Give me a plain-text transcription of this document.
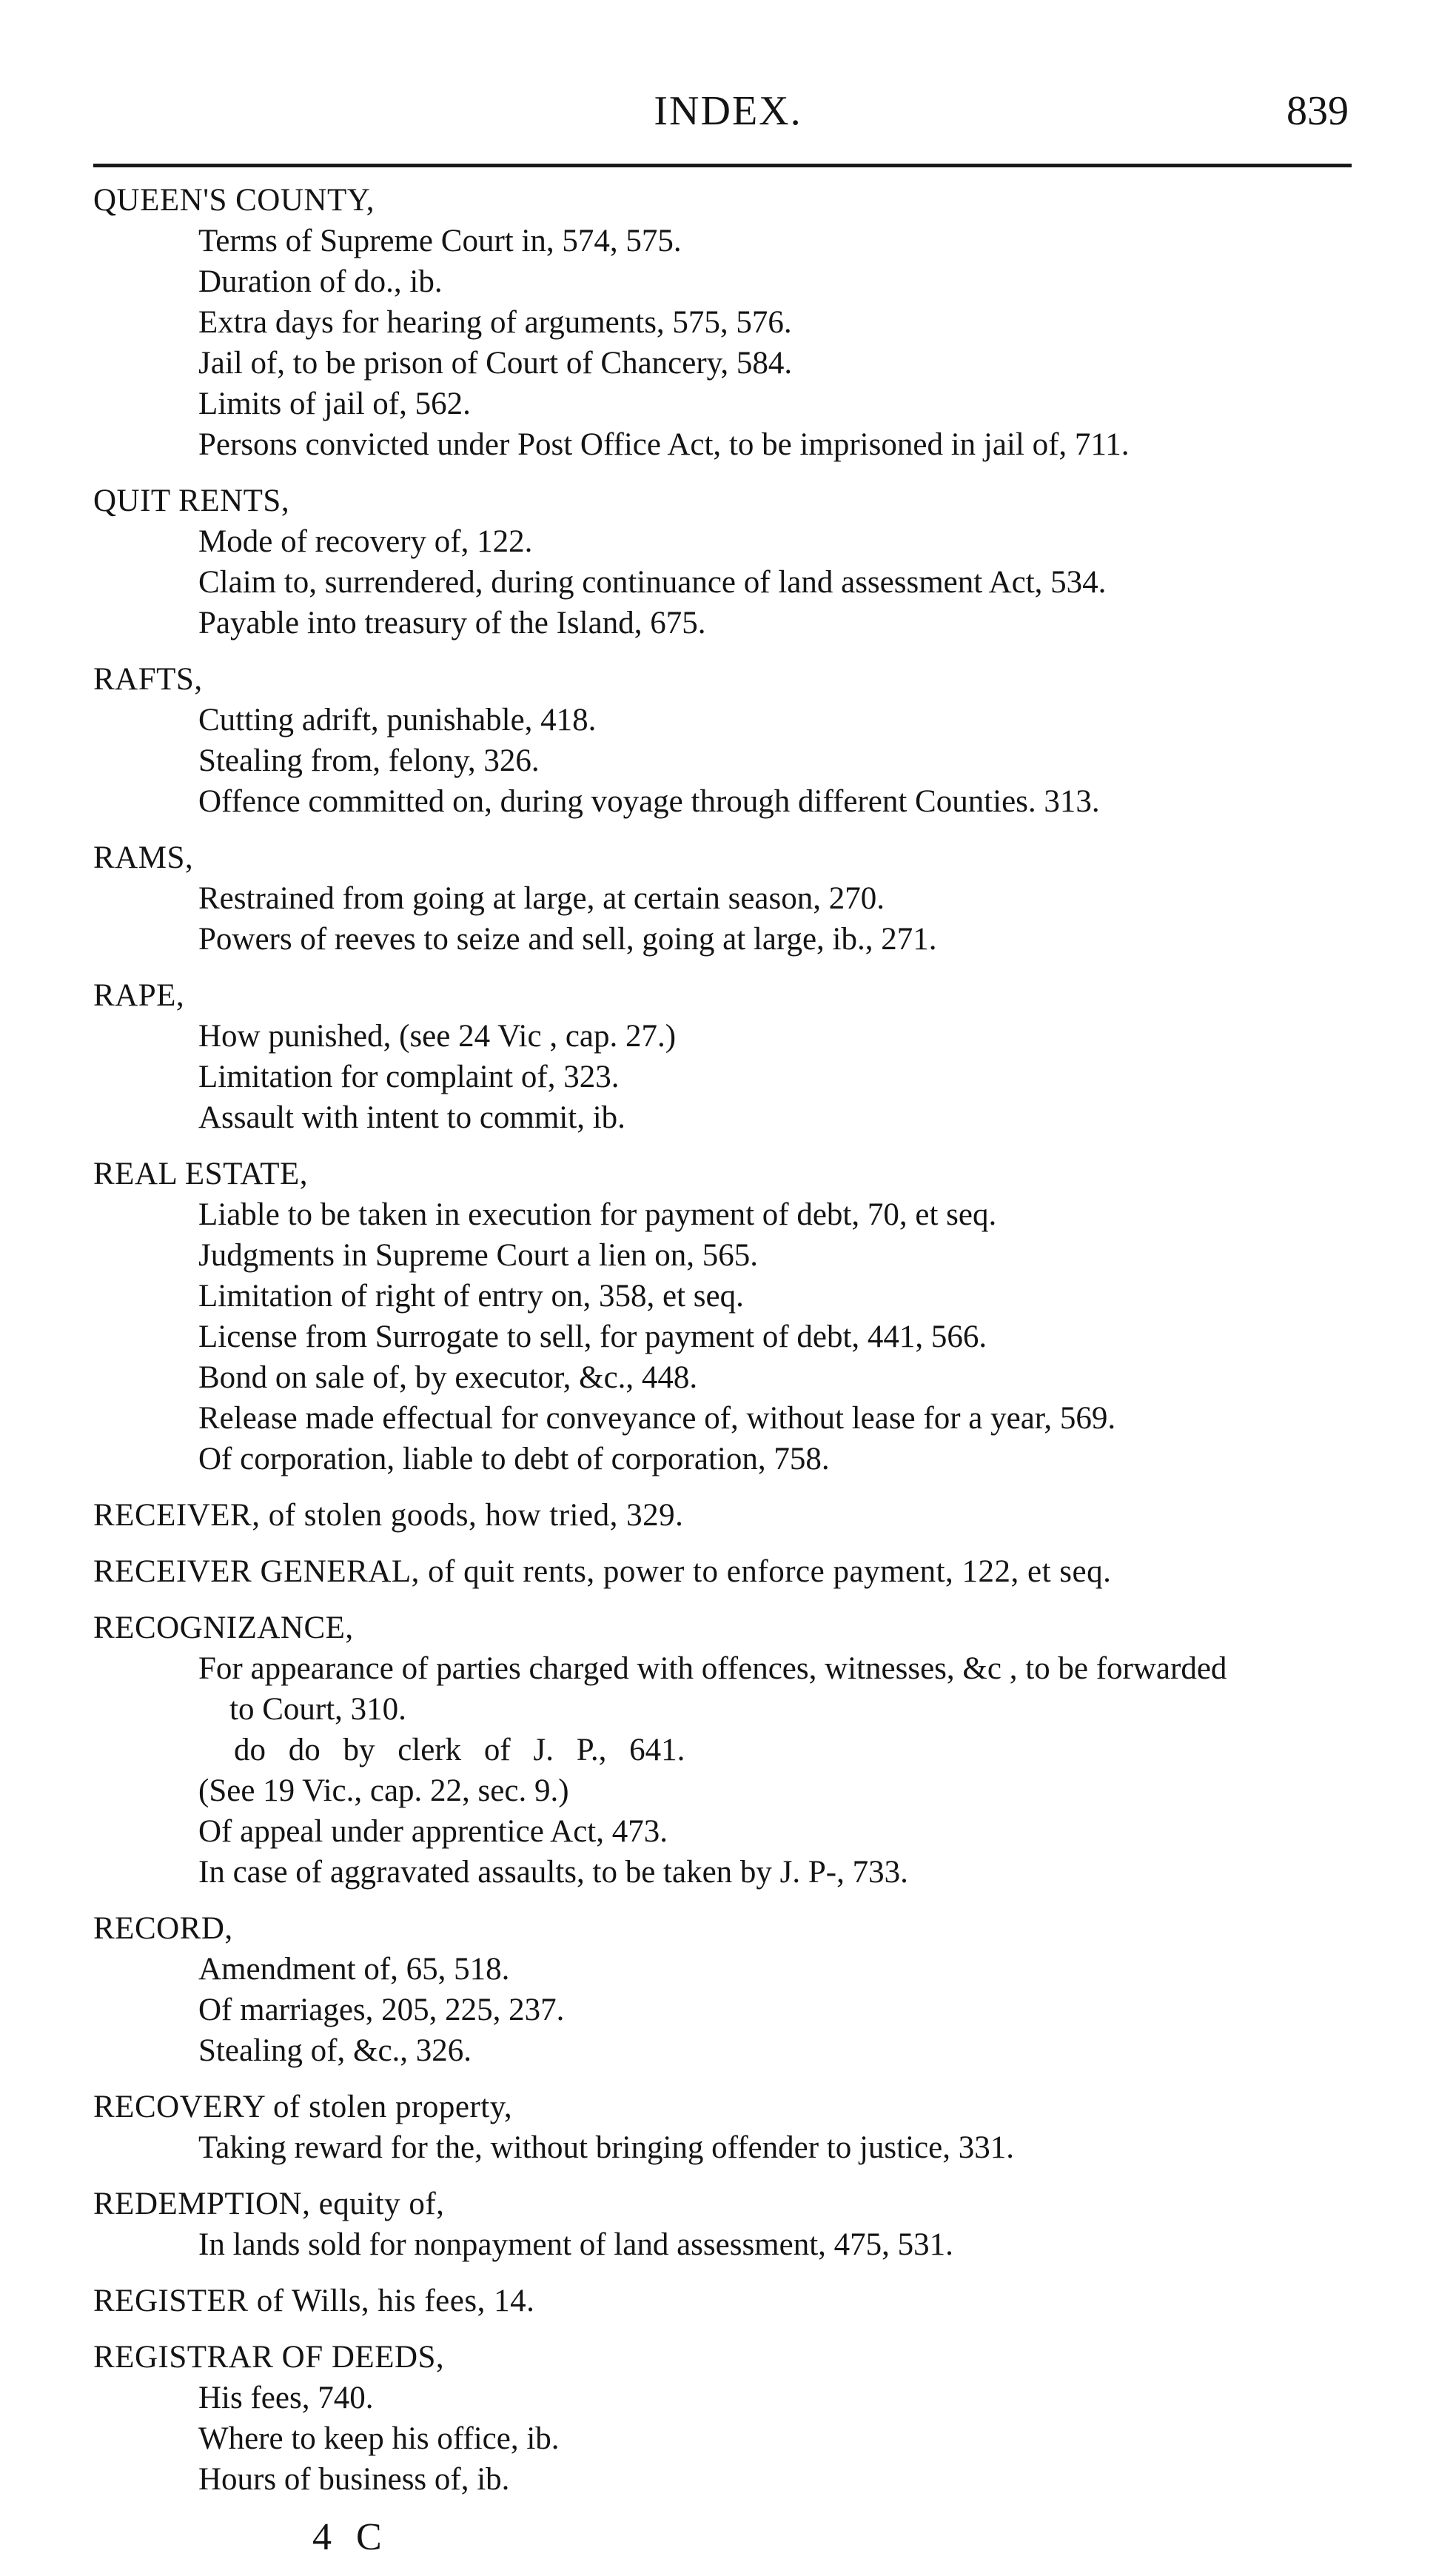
INDEX.	839
QUEEN'S COUNTY,
Terms of Supreme Court in, 574, 575.
Duration of do., ib.
Extra days for hearing of arguments, 575, 576.
Jail of, to be prison of Court of Chancery, 584.
Limits of jail of, 562.
Persons convicted under Post Office Act, to be imprisoned in jail of, 711.
QUIT RENTS,
Mode of recovery of, 122.
Claim to, surrendered, during continuance of land assessment Act, 534.
Payable into treasury of the Island, 675.
RAFTS,
Cutting adrift, punishable, 418.
Stealing from, felony, 326.
Offence committed on, during voyage through different Counties. 313.
RAMS,
Restrained from going at large, at certain season, 270.
Powers of reeves to seize and sell, going at large, ib., 271.
RAPE,
How punished, (see 24 Vic , cap. 27.)
Limitation for complaint of, 323.
Assault with intent to commit, ib.
REAL ESTATE,
Liable to be taken in execution for payment of debt, 70, et seq.
Judgments in Supreme Court a lien on, 565.
Limitation of right of entry on, 358, et seq.
License from Surrogate to sell, for payment of debt, 441, 566.
Bond on sale of, by executor, &c., 448.
Release made effectual for conveyance of, without lease for a year, 569.
Of corporation, liable to debt of corporation, 758.
RECEIVER, of stolen goods, how tried, 329.
RECEIVER GENERAL, of quit rents, power to enforce payment, 122, et seq.
RECOGNIZANCE,
For appearance of parties charged with offences, witnesses, &c , to be forwarded
to Court, 310.
do do by clerk of J. P., 641.
(See 19 Vic., cap. 22, sec. 9.)
Of appeal under apprentice Act, 473.
In case of aggravated assaults, to be taken by J. P-, 733.
RECORD,
Amendment of, 65, 518.
Of marriages, 205, 225, 237.
Stealing of, &c., 326.
RECOVERY of stolen property,
Taking reward for the, without bringing offender to justice, 331.
REDEMPTION, equity of,
In lands sold for nonpayment of land assessment, 475, 531.
REGISTER of Wills, his fees, 14.
REGISTRAR OF DEEDS,
His fees, 740.
Where to keep his office, ib.
Hours of business of, ib.
4 C
